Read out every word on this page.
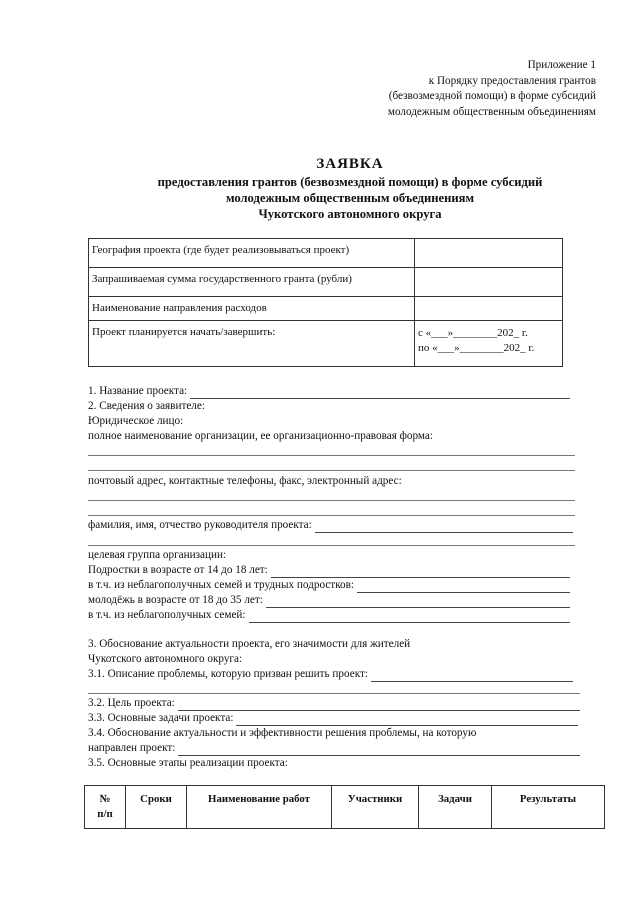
Приложение 1
к Порядку предоставления грантов
(безвозмездной помощи) в форме субсидий
молодежным общественным объединениям
ЗАЯВКА
предоставления грантов (безвозмездной помощи) в форме субсидий
молодежным общественным объединениям
Чукотского автономного округа
География проекта (где будет реализовываться проект)	
Запрашиваемая сумма государственного гранта (рубли)	
Наименование направления расходов	
Проект планируется начать/завершить:	с «___»________202_ г.
по «___»________202_ г.
1. Название проекта:
2. Сведения о заявителе:
Юридическое лицо:
полное наименование организации, ее организационно-правовая форма:
почтовый адрес, контактные телефоны, факс, электронный адрес:
фамилия, имя, отчество руководителя проекта:
целевая группа организации:
Подростки в возрасте от 14 до 18 лет:
в т.ч. из неблагополучных семей и трудных подростков:
молодёжь в возрасте от 18 до 35 лет:
в т.ч. из неблагополучных семей:
3. Обоснование актуальности проекта, его значимости для жителей
Чукотского автономного округа:
3.1. Описание проблемы, которую призван решить проект:
3.2. Цель проекта:
3.3. Основные задачи проекта:
3.4. Обоснование актуальности и эффективности решения проблемы, на которую
направлен проект:
3.5. Основные этапы реализации проекта:
№
п/п
	Сроки	Наименование работ	Участники	Задачи	Результаты
